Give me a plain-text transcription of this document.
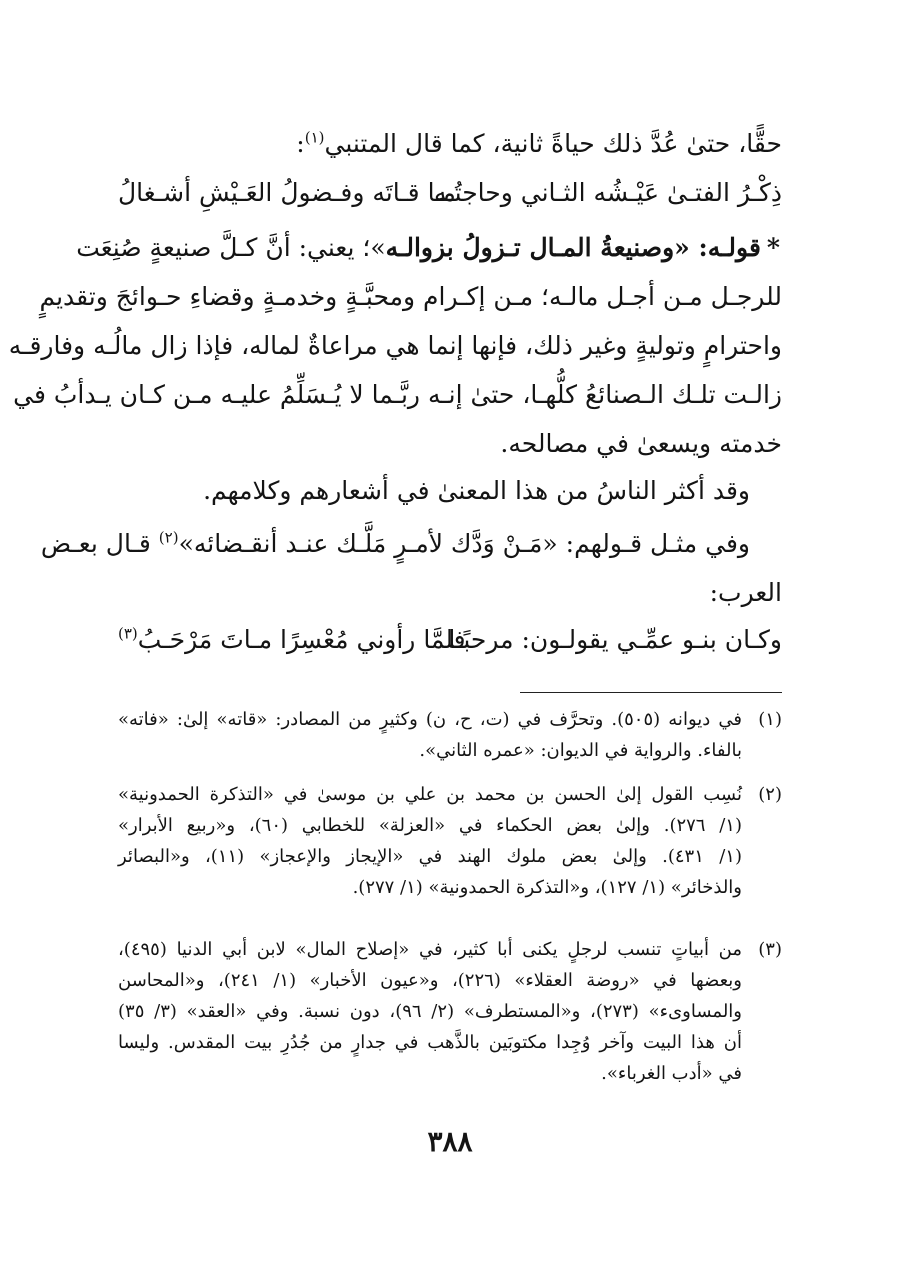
حقًّا، حتىٰ عُدَّ ذلك حياةً ثانية، كما قال المتنبي$^{(١)}$:
ذِكْـرُ الفتـىٰ عَيْـشُه الثـاني وحاجتُـه
مـا قـاتَه وفـضولُ العَـيْشِ أشـغالُ
*قولـه: «وصنيعةُ المـال تـزولُ بزوالـه»؛ يعني: أنَّ كـلَّ صنيعةٍ صُنِعَت
للرجـل مـن أجـل مالـه؛ مـن إكـرام ومحبَّـةٍ وخدمـةٍ وقضاءِ حـوائجَ وتقديمٍ
واحترامٍ وتوليةٍ وغير ذلك، فإنها إنما هي مراعاةٌ لماله، فإذا زال مالُـه وفارقـه
زالـت تلـك الـصنائعُ كلُّهـا، حتىٰ إنـه ربَّـما لا يُـسَلِّمُ عليـه مـن كـان يـدأبُ في
خدمته ويسعىٰ في مصالحه.
وقد أكثر الناسُ من هذا المعنىٰ في أشعارهم وكلامهم.
وفي مثـل قـولهم: «مَـنْ وَدَّك لأمـرٍ مَلَّـك عنـد أنقـضائه»$^{(٢)}$ قـال بعـض
العرب:
وكـان بنـو عمِّـي يقولـون: مرحبًـا
فلمَّا رأوني مُعْسِرًا مـاتَ مَرْحَـبُ$^{(٣)}$
(١)
في ديوانه (٥٠٥). وتحرَّف في (ت، ح، ن) وكثيرٍ من المصادر: «قاته» إلىٰ: «فاته»
بالفاء. والرواية في الديوان: «عمره الثاني».
(٢)
نُسِب القول إلىٰ الحسن بن محمد بن علي بن موسىٰ في «التذكرة الحمدونية»
(١/ ٢٧٦). وإلىٰ بعض الحكماء في «العزلة» للخطابي (٦٠)، و«ربيع الأبرار»
(١/ ٤٣١). وإلىٰ بعض ملوك الهند في «الإيجاز والإعجاز» (١١)، و«البصائر
والذخائر» (١/ ١٢٧)، و«التذكرة الحمدونية» (١/ ٢٧٧).
(٣)
من أبياتٍ تنسب لرجلٍ يكنى أبا كثير، في «إصلاح المال» لابن أبي الدنيا (٤٩٥)،
وبعضها في «روضة العقلاء» (٢٢٦)، و«عيون الأخبار» (١/ ٢٤١)، و«المحاسن
والمساوىء» (٢٧٣)، و«المستطرف» (٢/ ٩٦)، دون نسبة. وفي «العقد» (٣/ ٣٥)
أن هذا البيت وآخر وُجِدا مكتوبَين بالذَّهب في جدارٍ من جُدُرِ بيت المقدس. وليسا
في «أدب الغرباء».
٣٨٨
